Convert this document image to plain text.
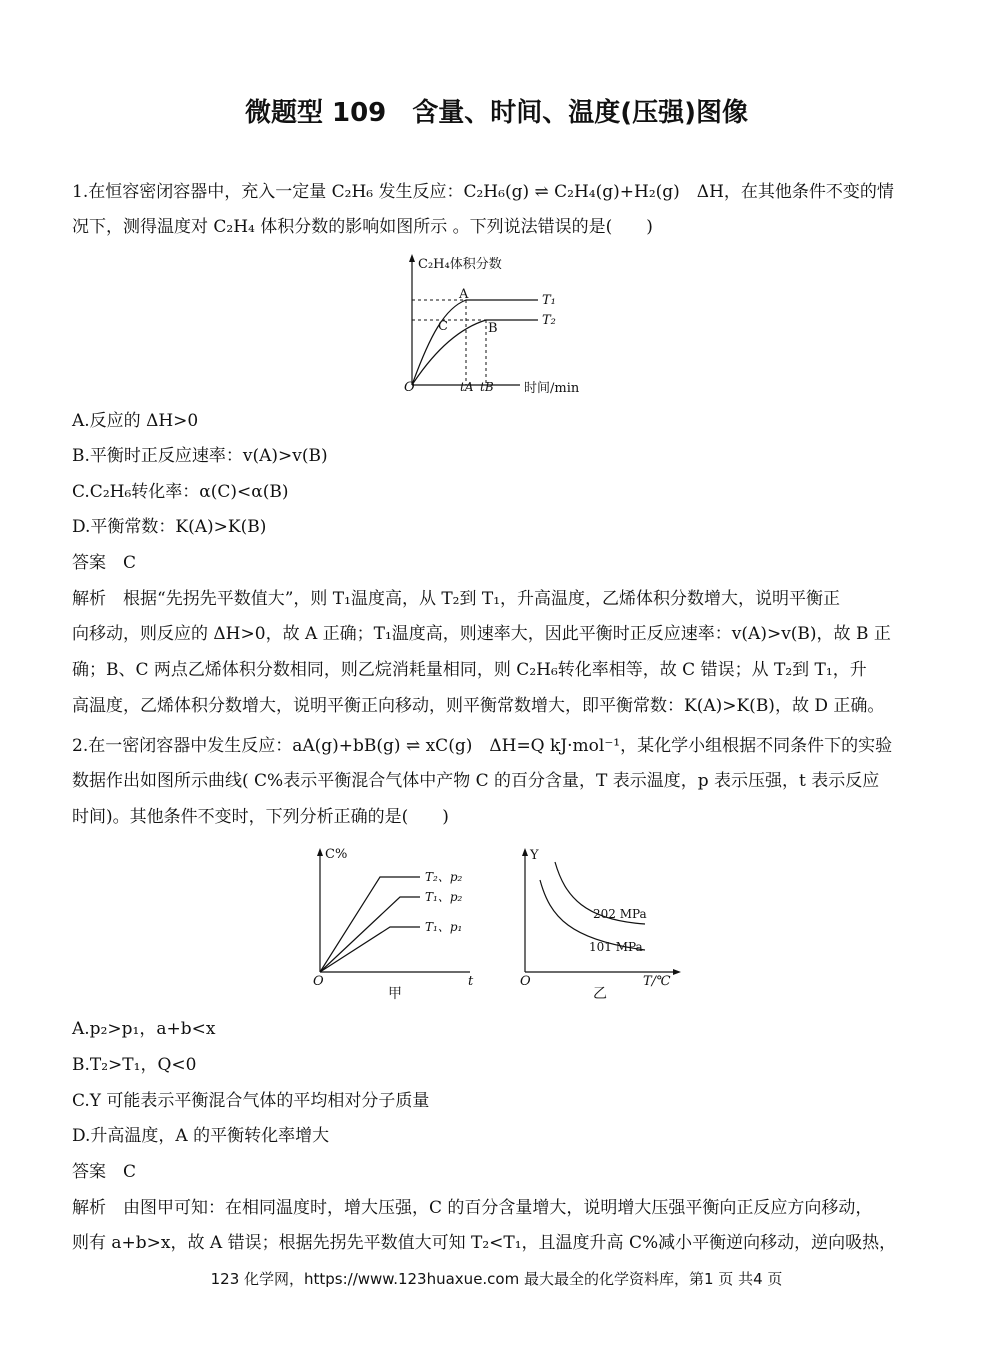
微题型 109　含量、时间、温度(压强)图像
1.在恒容密闭容器中，充入一定量 C₂H₆ 发生反应：C₂H₆(g) ⇌ C₂H₄(g)+H₂(g)　ΔH，在其他条件不变的情
况下，测得温度对 C₂H₄ 体积分数的影响如图所示 。下列说法错误的是(　　)
C₂H₄体积分数
时间/min
O
A
B
C
T₁
T₂
tA tB
A.反应的 ΔH>0
B.平衡时正反应速率：v(A)>v(B)
C.C₂H₆转化率：α(C)<α(B)
D.平衡常数：K(A)>K(B)
答案　C
解析　根据“先拐先平数值大”，则 T₁温度高，从 T₂到 T₁，升高温度，乙烯体积分数增大，说明平衡正
向移动，则反应的 ΔH>0，故 A 正确；T₁温度高，则速率大，因此平衡时正反应速率：v(A)>v(B)，故 B 正
确；B、C 两点乙烯体积分数相同，则乙烷消耗量相同，则 C₂H₆转化率相等，故 C 错误；从 T₂到 T₁，升
高温度，乙烯体积分数增大，说明平衡正向移动，则平衡常数增大，即平衡常数：K(A)>K(B)，故 D 正确。
2.在一密闭容器中发生反应：aA(g)+bB(g) ⇌ xC(g)　ΔH=Q kJ·mol⁻¹，某化学小组根据不同条件下的实验
数据作出如图所示曲线( C%表示平衡混合气体中产物 C 的百分含量，T 表示温度，p 表示压强，t 表示反应
时间)。其他条件不变时，下列分析正确的是(　　)
C%
t
O
T₂、p₂
T₁、p₂
T₁、p₁
甲
Y
T/℃
O
202 MPa
101 MPa
乙
A.p₂>p₁，a+b<x
B.T₂>T₁，Q<0
C.Y 可能表示平衡混合气体的平均相对分子质量
D.升高温度，A 的平衡转化率增大
答案　C
解析　由图甲可知：在相同温度时，增大压强，C 的百分含量增大，说明增大压强平衡向正反应方向移动，
则有 a+b>x，故 A 错误；根据先拐先平数值大可知 T₂<T₁，且温度升高 C%减小平衡逆向移动，逆向吸热，
123 化学网，https://www.123huaxue.com 最大最全的化学资料库，第1 页 共4 页
